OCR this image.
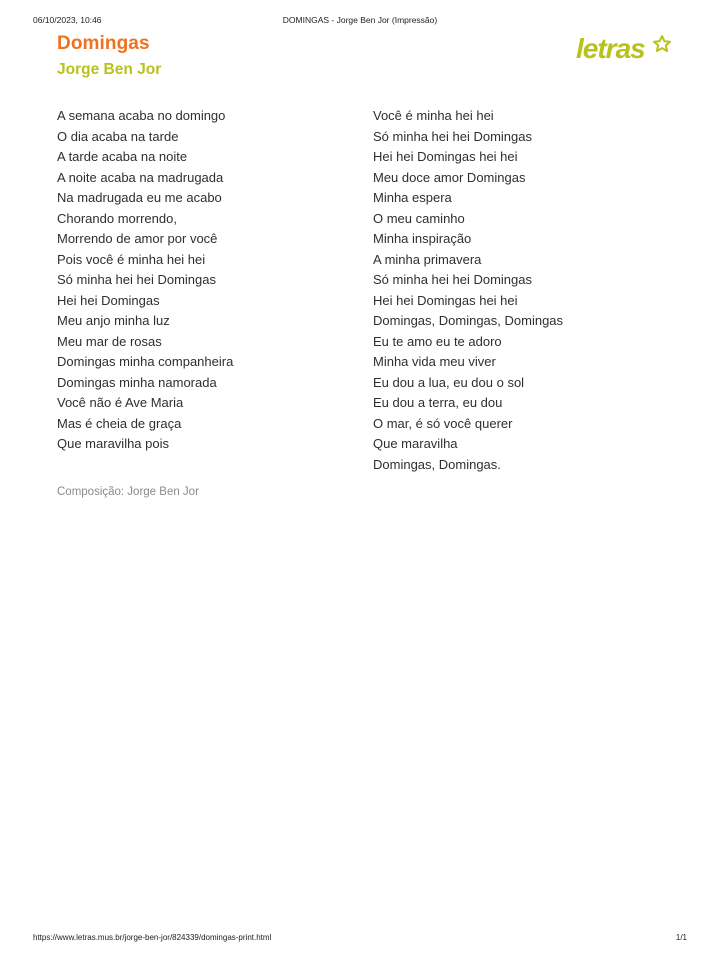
06/10/2023, 10:46	DOMINGAS - Jorge Ben Jor (Impressão)
Domingas
Jorge Ben Jor
letras
A semana acaba no domingo
O dia acaba na tarde
A tarde acaba na noite
A noite acaba na madrugada
Na madrugada eu me acabo
Chorando morrendo,
Morrendo de amor por você
Pois você é minha hei hei
Só minha hei hei Domingas
Hei hei Domingas
Meu anjo minha luz
Meu mar de rosas
Domingas minha companheira
Domingas minha namorada
Você não é Ave Maria
Mas é cheia de graça
Que maravilha pois
Você é minha hei hei
Só minha hei hei Domingas
Hei hei Domingas hei hei
Meu doce amor Domingas
Minha espera
O meu caminho
Minha inspiração
A minha primavera
Só minha hei hei Domingas
Hei hei Domingas hei hei
Domingas, Domingas, Domingas
Eu te amo eu te adoro
Minha vida meu viver
Eu dou a lua, eu dou o sol
Eu dou a terra, eu dou
O mar, é só você querer
Que maravilha
Domingas, Domingas.
Composição: Jorge Ben Jor
https://www.letras.mus.br/jorge-ben-jor/824339/domingas-print.html	1/1
